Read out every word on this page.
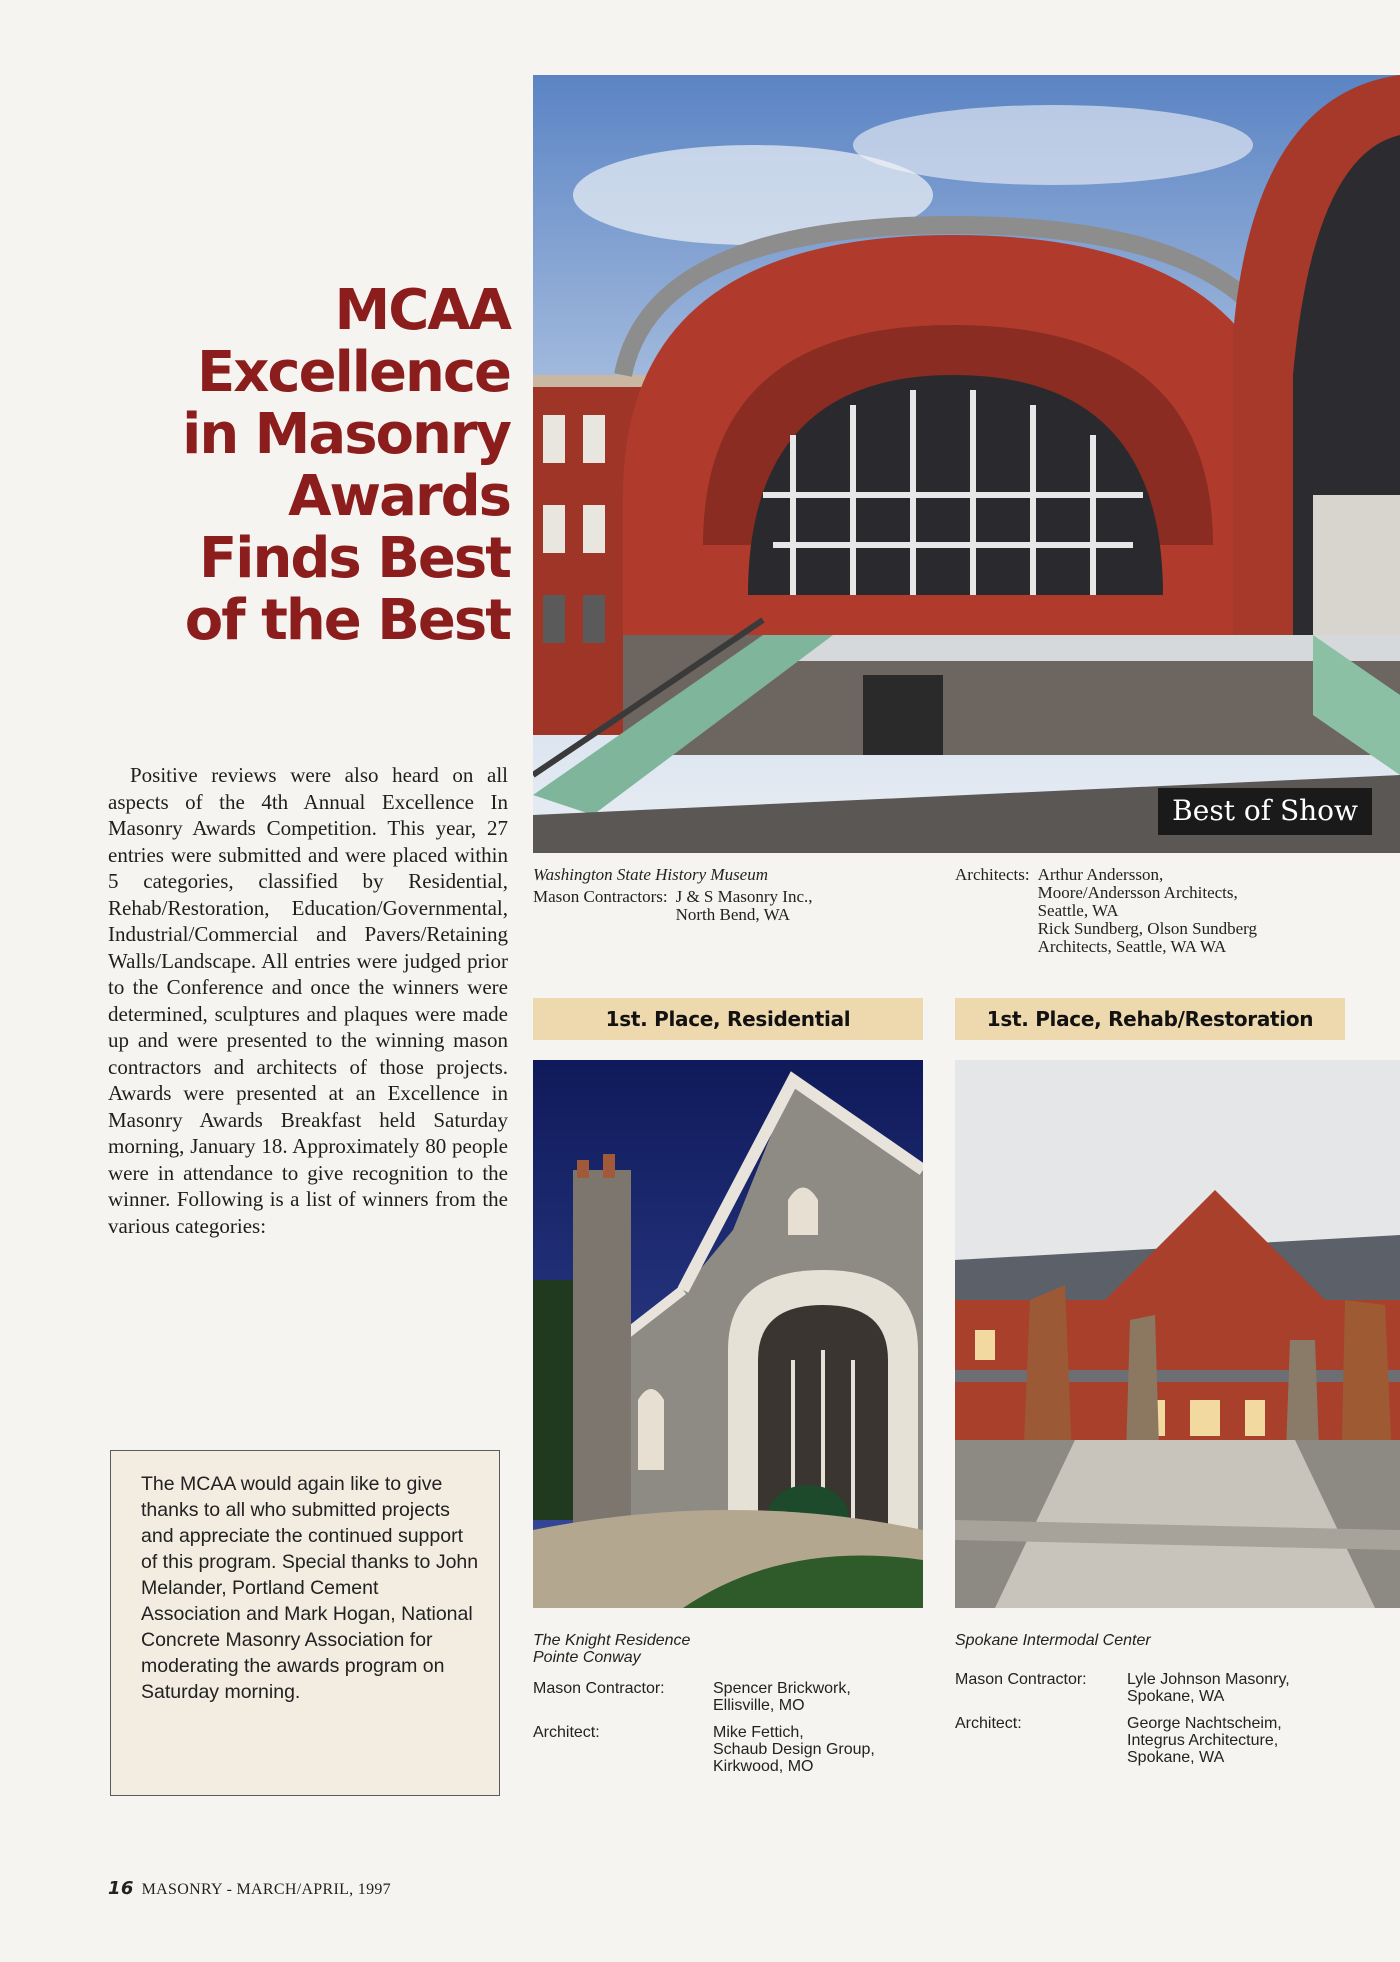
MCAA
Excellence
in Masonry
Awards
Finds Best
of the Best

Positive reviews were also heard on all aspects of the 4th Annual Excellence In Masonry Awards Competition. This year, 27 entries were submitted and were placed within 5 categories, classified by Residential, Rehab/Restoration, Education/Governmental, Industrial/Commercial and Pavers/Retaining Walls/Landscape. All entries were judged prior to the Conference and once the winners were determined, sculptures and plaques were made up and were presented to the winning mason contractors and architects of those projects. Awards were presented at an Excellence in Masonry Awards Breakfast held Saturday morning, January 18. Approximately 80 people were in attendance to give recognition to the winner. Following is a list of winners from the various categories:

The MCAA would again like to give thanks to all who submitted projects and appreciate the continued support of this program. Special thanks to John Melander, Portland Cement Association and Mark Hogan, National Concrete Masonry Association for moderating the awards program on Saturday morning.

Best of Show
Washington State History Museum
Mason Contractors: J & S Masonry Inc.,
North Bend, WA
Architects: Arthur Andersson,
Moore/Andersson Architects,
Seattle, WA
Rick Sundberg, Olson Sundberg
Architects, Seattle, WA WA
1st. Place, Residential	1st. Place, Rehab/Restoration
The Knight Residence
Pointe Conway
Mason Contractor:	Spencer Brickwork,
Ellisville, MO
Architect:	Mike Fettich,
Schaub Design Group,
Kirkwood, MO
Spokane Intermodal Center
Mason Contractor:	Lyle Johnson Masonry,
Spokane, WA
Architect:	George Nachtscheim,
Integrus Architecture,
Spokane, WA
16 MASONRY - MARCH/APRIL, 1997
